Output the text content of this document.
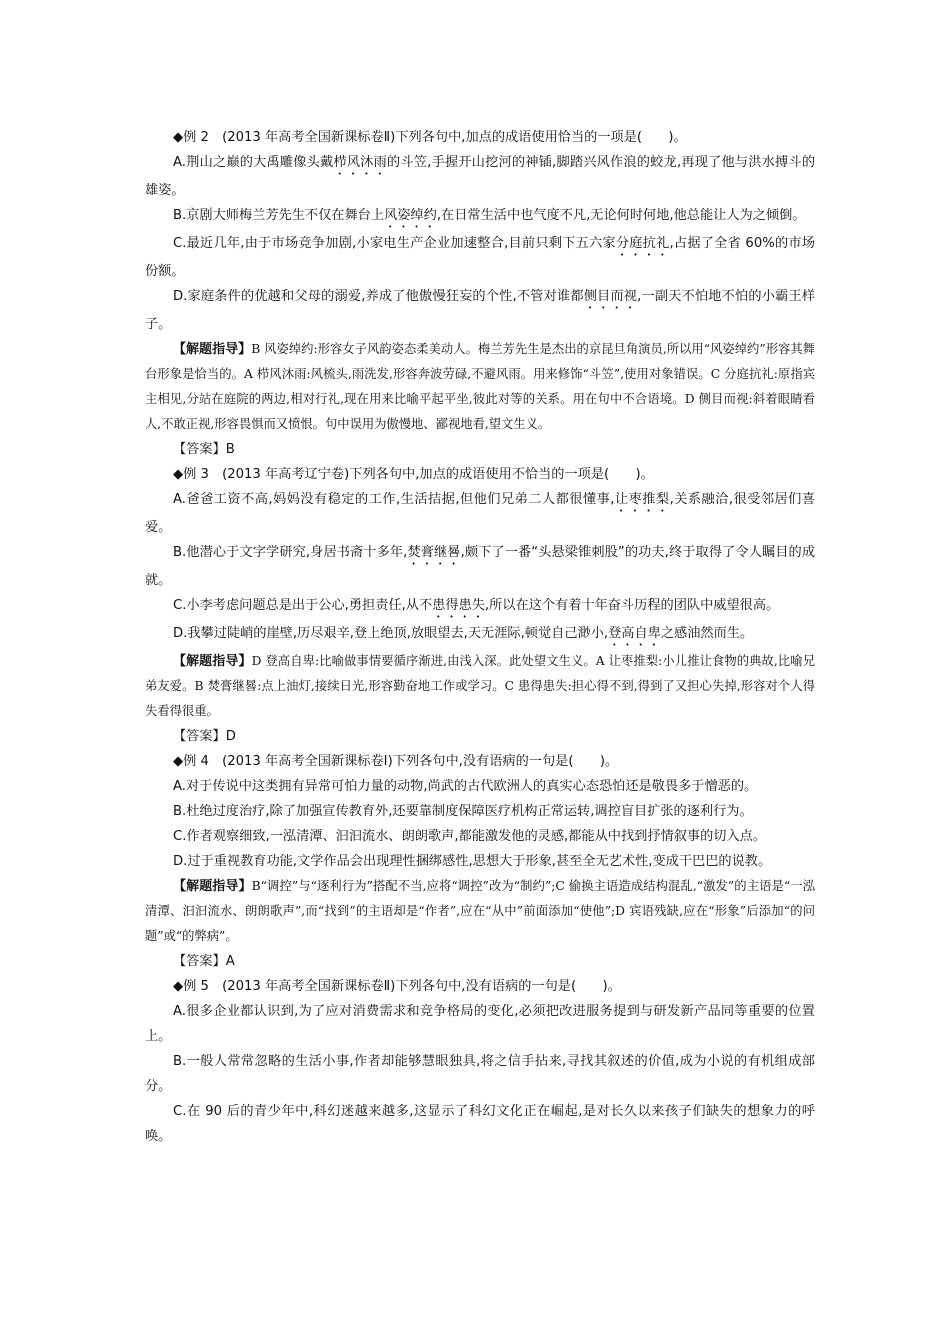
◆例 2　(2013 年高考全国新课标卷Ⅱ)下列各句中,加点的成语使用恰当的一项是(　　)。

A.荆山之巅的大禹雕像头戴栉风沐雨的斗笠,手握开山挖河的神锸,脚踏兴风作浪的蛟龙,再现了他与洪水搏斗的雄姿。

B.京剧大师梅兰芳先生不仅在舞台上风姿绰约,在日常生活中也气度不凡,无论何时何地,他总能让人为之倾倒。

C.最近几年,由于市场竞争加剧,小家电生产企业加速整合,目前只剩下五六家分庭抗礼,占据了全省 60%的市场份额。

D.家庭条件的优越和父母的溺爱,养成了他傲慢狂妄的个性,不管对谁都侧目而视,一副天不怕地不怕的小霸王样子。

【解题指导】B 风姿绰约:形容女子风韵姿态柔美动人。梅兰芳先生是杰出的京昆旦角演员,所以用“风姿绰约”形容其舞台形象是恰当的。A 栉风沐雨:风梳头,雨洗发,形容奔波劳碌,不避风雨。用来修饰“斗笠”,使用对象错误。C 分庭抗礼:原指宾主相见,分站在庭院的两边,相对行礼,现在用来比喻平起平坐,彼此对等的关系。用在句中不合语境。D 侧目而视:斜着眼睛看人,不敢正视,形容畏惧而又愤恨。句中误用为傲慢地、鄙视地看,望文生义。

【答案】B

◆例 3　(2013 年高考辽宁卷)下列各句中,加点的成语使用不恰当的一项是(　　)。

A.爸爸工资不高,妈妈没有稳定的工作,生活拮据,但他们兄弟二人都很懂事,让枣推梨,关系融洽,很受邻居们喜爱。

B.他潜心于文字学研究,身居书斋十多年,焚膏继晷,颇下了一番“头悬梁锥刺股”的功夫,终于取得了令人瞩目的成就。

C.小李考虑问题总是出于公心,勇担责任,从不患得患失,所以在这个有着十年奋斗历程的团队中威望很高。

D.我攀过陡峭的崖壁,历尽艰辛,登上绝顶,放眼望去,天无涯际,顿觉自己渺小,登高自卑之感油然而生。

【解题指导】D 登高自卑:比喻做事情要循序渐进,由浅入深。此处望文生义。A 让枣推梨:小儿推让食物的典故,比喻兄弟友爱。B 焚膏继晷:点上油灯,接续日光,形容勤奋地工作或学习。C 患得患失:担心得不到,得到了又担心失掉,形容对个人得失看得很重。

【答案】D

◆例 4　(2013 年高考全国新课标卷Ⅰ)下列各句中,没有语病的一句是(　　)。

A.对于传说中这类拥有异常可怕力量的动物,尚武的古代欧洲人的真实心态恐怕还是敬畏多于憎恶的。

B.杜绝过度治疗,除了加强宣传教育外,还要靠制度保障医疗机构正常运转,调控盲目扩张的逐利行为。

C.作者观察细致,一泓清潭、汩汩流水、朗朗歌声,都能激发他的灵感,都能从中找到抒情叙事的切入点。

D.过于重视教育功能,文学作品会出现理性捆绑感性,思想大于形象,甚至全无艺术性,变成干巴巴的说教。

【解题指导】B“调控”与“逐利行为”搭配不当,应将“调控”改为“制约”;C 偷换主语造成结构混乱,“激发”的主语是“一泓清潭、汩汩流水、朗朗歌声”,而“找到”的主语却是“作者”,应在“从中”前面添加“使他”;D 宾语残缺,应在“形象”后添加“的问题”或“的弊病”。

【答案】A

◆例 5　(2013 年高考全国新课标卷Ⅱ)下列各句中,没有语病的一句是(　　)。

A.很多企业都认识到,为了应对消费需求和竞争格局的变化,必须把改进服务提到与研发新产品同等重要的位置上。

B.一般人常常忽略的生活小事,作者却能够慧眼独具,将之信手拈来,寻找其叙述的价值,成为小说的有机组成部分。

C.在 90 后的青少年中,科幻迷越来越多,这显示了科幻文化正在崛起,是对长久以来孩子们缺失的想象力的呼唤。
